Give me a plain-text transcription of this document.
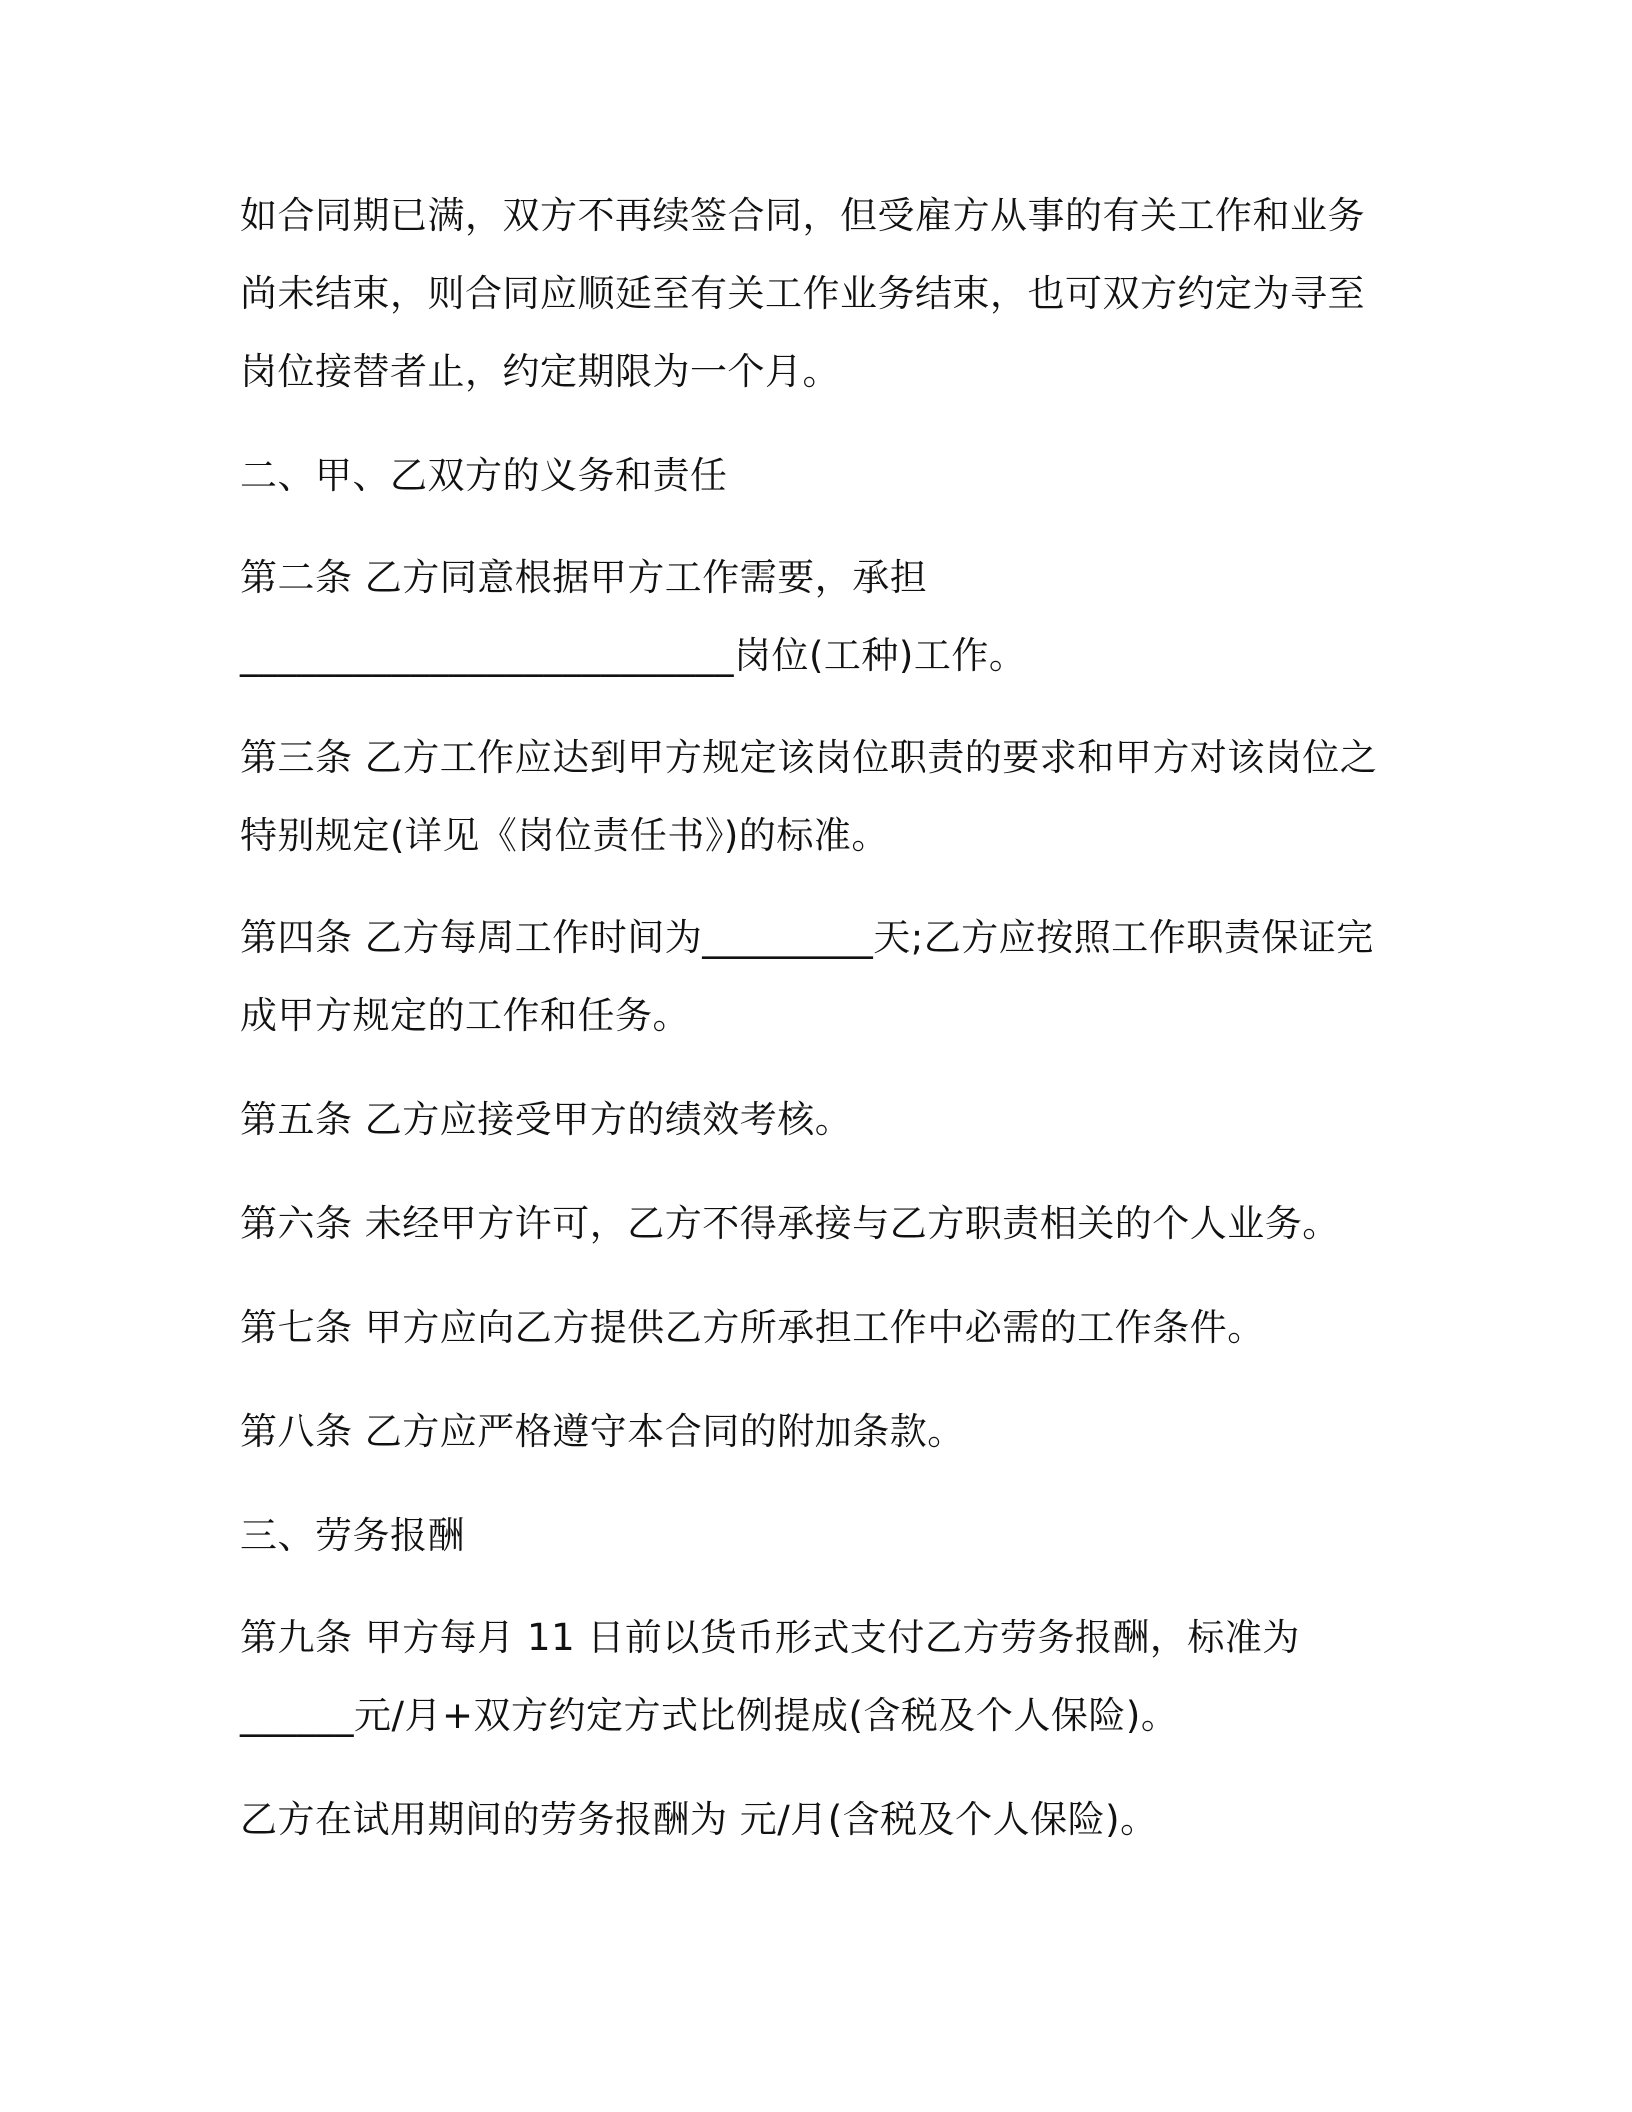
如合同期已满，双方不再续签合同，但受雇方从事的有关工作和业务
尚未结束，则合同应顺延至有关工作业务结束，也可双方约定为寻至
岗位接替者止，约定期限为一个月。
二、甲、乙双方的义务和责任
第二条 乙方同意根据甲方工作需要，承担
__________________________岗位(工种)工作。
第三条 乙方工作应达到甲方规定该岗位职责的要求和甲方对该岗位之
特别规定(详见《岗位责任书》)的标准。
第四条 乙方每周工作时间为_________天;乙方应按照工作职责保证完
成甲方规定的工作和任务。
第五条 乙方应接受甲方的绩效考核。
第六条 未经甲方许可，乙方不得承接与乙方职责相关的个人业务。
第七条 甲方应向乙方提供乙方所承担工作中必需的工作条件。
第八条 乙方应严格遵守本合同的附加条款。
三、劳务报酬
第九条 甲方每月 11 日前以货币形式支付乙方劳务报酬，标准为
______元/月+双方约定方式比例提成(含税及个人保险)。
乙方在试用期间的劳务报酬为 元/月(含税及个人保险)。
